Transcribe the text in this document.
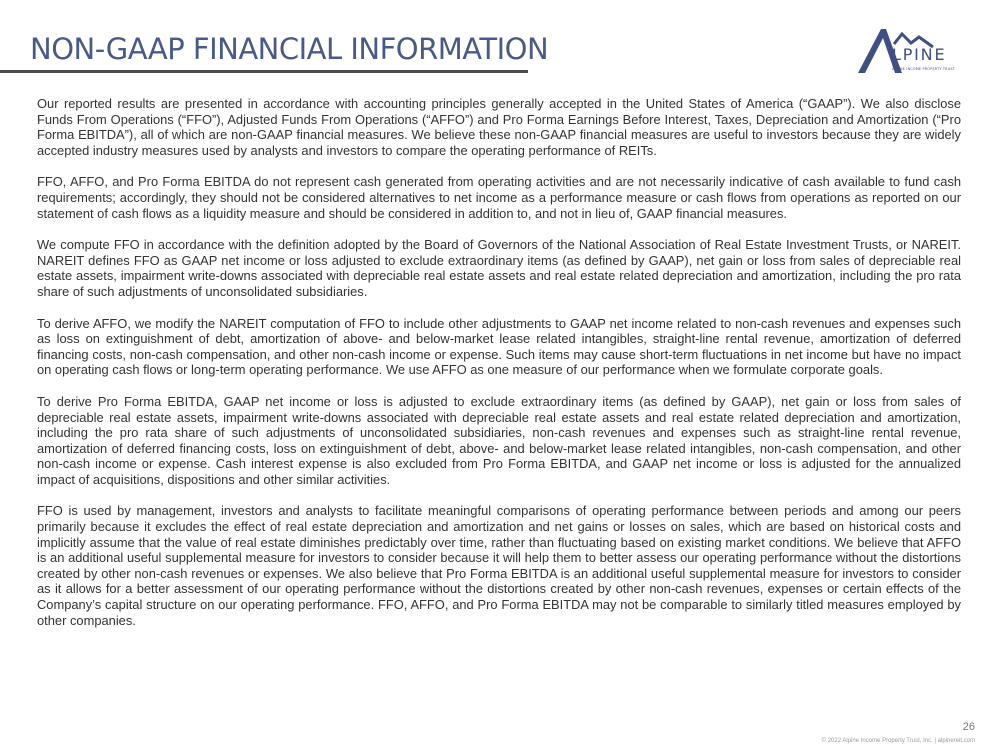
NON-GAAP FINANCIAL INFORMATION	LPINE
ALPINE INCOME PROPERTY TRUST

Our reported results are presented in accordance with accounting principles generally accepted in the United States of America (“GAAP”). We also disclose Funds From Operations (“FFO”), Adjusted Funds From Operations (“AFFO”) and Pro Forma Earnings Before Interest, Taxes, Depreciation and Amortization (“Pro Forma EBITDA”), all of which are non-GAAP financial measures. We believe these non-GAAP financial measures are useful to investors because they are widely accepted industry measures used by analysts and investors to compare the operating performance of REITs.

FFO, AFFO, and Pro Forma EBITDA do not represent cash generated from operating activities and are not necessarily indicative of cash available to fund cash requirements; accordingly, they should not be considered alternatives to net income as a performance measure or cash flows from operations as reported on our statement of cash flows as a liquidity measure and should be considered in addition to, and not in lieu of, GAAP financial measures.

We compute FFO in accordance with the definition adopted by the Board of Governors of the National Association of Real Estate Investment Trusts, or NAREIT. NAREIT defines FFO as GAAP net income or loss adjusted to exclude extraordinary items (as defined by GAAP), net gain or loss from sales of depreciable real estate assets, impairment write-downs associated with depreciable real estate assets and real estate related depreciation and amortization, including the pro rata share of such adjustments of unconsolidated subsidiaries.

To derive AFFO, we modify the NAREIT computation of FFO to include other adjustments to GAAP net income related to non-cash revenues and expenses such as loss on extinguishment of debt, amortization of above- and below-market lease related intangibles, straight-line rental revenue, amortization of deferred financing costs, non-cash compensation, and other non-cash income or expense. Such items may cause short-term fluctuations in net income but have no impact on operating cash flows or long-term operating performance. We use AFFO as one measure of our performance when we formulate corporate goals.

To derive Pro Forma EBITDA, GAAP net income or loss is adjusted to exclude extraordinary items (as defined by GAAP), net gain or loss from sales of depreciable real estate assets, impairment write-downs associated with depreciable real estate assets and real estate related depreciation and amortization, including the pro rata share of such adjustments of unconsolidated subsidiaries, non-cash revenues and expenses such as straight-line rental revenue, amortization of deferred financing costs, loss on extinguishment of debt, above- and below-market lease related intangibles, non-cash compensation, and other non-cash income or expense. Cash interest expense is also excluded from Pro Forma EBITDA, and GAAP net income or loss is adjusted for the annualized impact of acquisitions, dispositions and other similar activities.

FFO is used by management, investors and analysts to facilitate meaningful comparisons of operating performance between periods and among our peers primarily because it excludes the effect of real estate depreciation and amortization and net gains or losses on sales, which are based on historical costs and implicitly assume that the value of real estate diminishes predictably over time, rather than fluctuating based on existing market conditions. We believe that AFFO is an additional useful supplemental measure for investors to consider because it will help them to better assess our operating performance without the distortions created by other non-cash revenues or expenses. We also believe that Pro Forma EBITDA is an additional useful supplemental measure for investors to consider as it allows for a better assessment of our operating performance without the distortions created by other non-cash revenues, expenses or certain effects of the Company’s capital structure on our operating performance. FFO, AFFO, and Pro Forma EBITDA may not be comparable to similarly titled measures employed by other companies.

26
© 2022 Alpine Income Property Trust, Inc. | alpinereit.com
